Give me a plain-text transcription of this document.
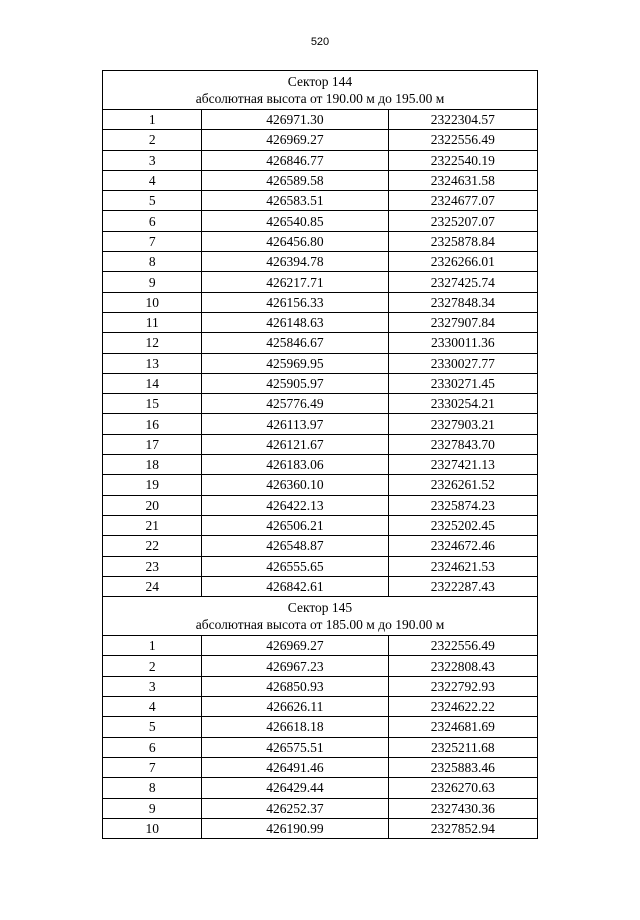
520
Сектор 144
абсолютная высота от 190.00 м до 195.00 м		

1	426971.30	2322304.57
2	426969.27	2322556.49
3	426846.77	2322540.19
4	426589.58	2324631.58
5	426583.51	2324677.07
6	426540.85	2325207.07
7	426456.80	2325878.84
8	426394.78	2326266.01
9	426217.71	2327425.74
10	426156.33	2327848.34
11	426148.63	2327907.84
12	425846.67	2330011.36
13	425969.95	2330027.77
14	425905.97	2330271.45
15	425776.49	2330254.21
16	426113.97	2327903.21
17	426121.67	2327843.70
18	426183.06	2327421.13
19	426360.10	2326261.52
20	426422.13	2325874.23
21	426506.21	2325202.45
22	426548.87	2324672.46
23	426555.65	2324621.53
24	426842.61	2322287.43

Сектор 145
абсолютная высота от 185.00 м до 190.00 м		

1	426969.27	2322556.49
2	426967.23	2322808.43
3	426850.93	2322792.93
4	426626.11	2324622.22
5	426618.18	2324681.69
6	426575.51	2325211.68
7	426491.46	2325883.46
8	426429.44	2326270.63
9	426252.37	2327430.36
10	426190.99	2327852.94
